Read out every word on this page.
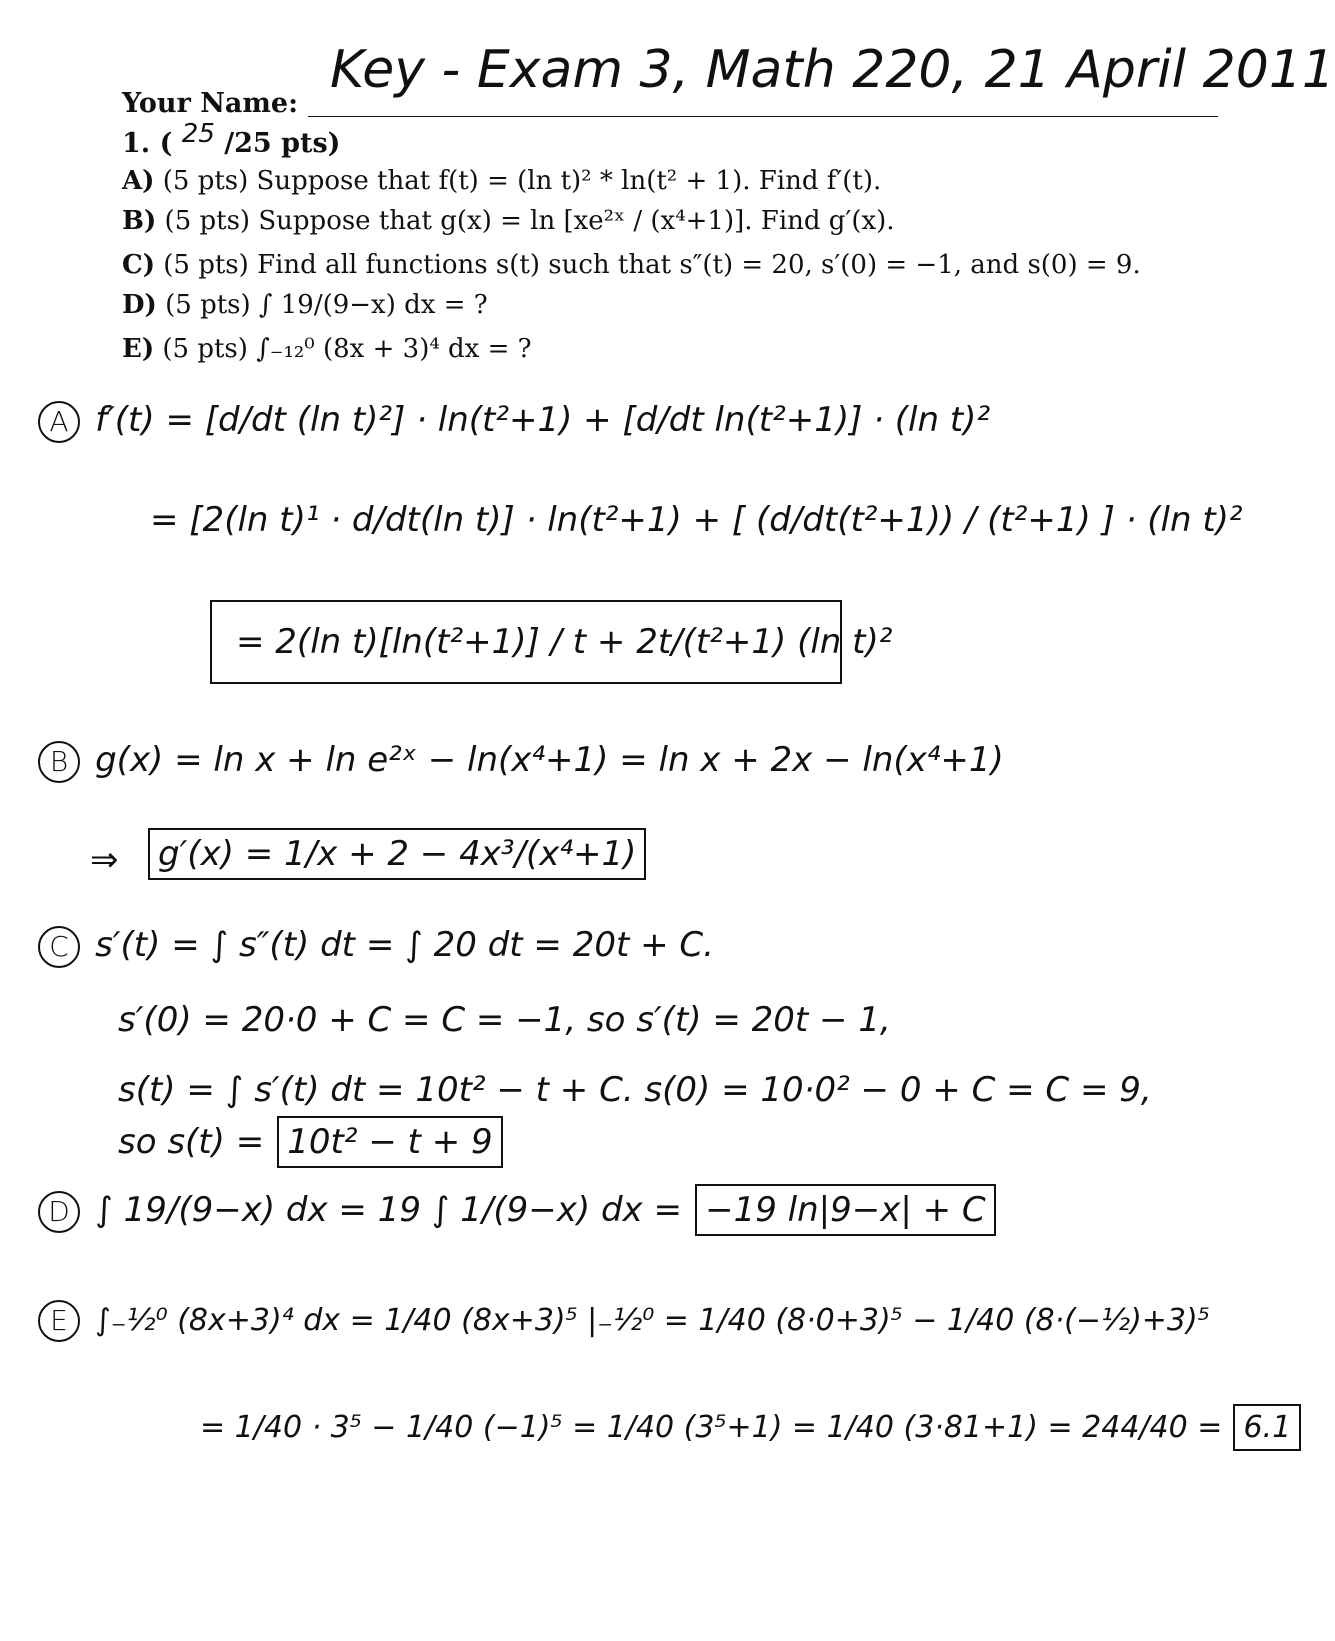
Your Name:
Key - Exam 3, Math 220, 21 April 2011
1. ( 25 /25 pts)
A) (5 pts) Suppose that f(t) = (ln t)² * ln(t² + 1). Find f′(t).
B) (5 pts) Suppose that g(x) = ln [xe²ˣ / (x⁴+1)]. Find g′(x).
C) (5 pts) Find all functions s(t) such that s″(t) = 20, s′(0) = −1, and s(0) = 9.
D) (5 pts) ∫ 19/(9−x) dx = ?
E) (5 pts) ∫₋₁₂⁰ (8x + 3)⁴ dx = ?
A f′(t) = [d/dt (ln t)²] · ln(t²+1) + [d/dt ln(t²+1)] · (ln t)²
= [2(ln t)¹ · d/dt(ln t)] · ln(t²+1) + [ (d/dt(t²+1)) / (t²+1) ] · (ln t)²
= 2(ln t)[ln(t²+1)] / t + 2t/(t²+1) (ln t)²
B g(x) = ln x + ln e²ˣ − ln(x⁴+1) = ln x + 2x − ln(x⁴+1)
⇒ g′(x) = 1/x + 2 − 4x³/(x⁴+1)
C s′(t) = ∫ s″(t) dt = ∫ 20 dt = 20t + C.
s′(0) = 20·0 + C = C = −1, so s′(t) = 20t − 1,
s(t) = ∫ s′(t) dt = 10t² − t + C. s(0) = 10·0² − 0 + C = C = 9,
so s(t) = 10t² − t + 9
D ∫ 19/(9−x) dx = 19 ∫ 1/(9−x) dx = −19 ln|9−x| + C
E ∫₋½⁰ (8x+3)⁴ dx = 1/40 (8x+3)⁵ |₋½⁰ = 1/40 (8·0+3)⁵ − 1/40 (8·(−½)+3)⁵
= 1/40 · 3⁵ − 1/40 (−1)⁵ = 1/40 (3⁵+1) = 1/40 (3·81+1) = 244/40 = 6.1
